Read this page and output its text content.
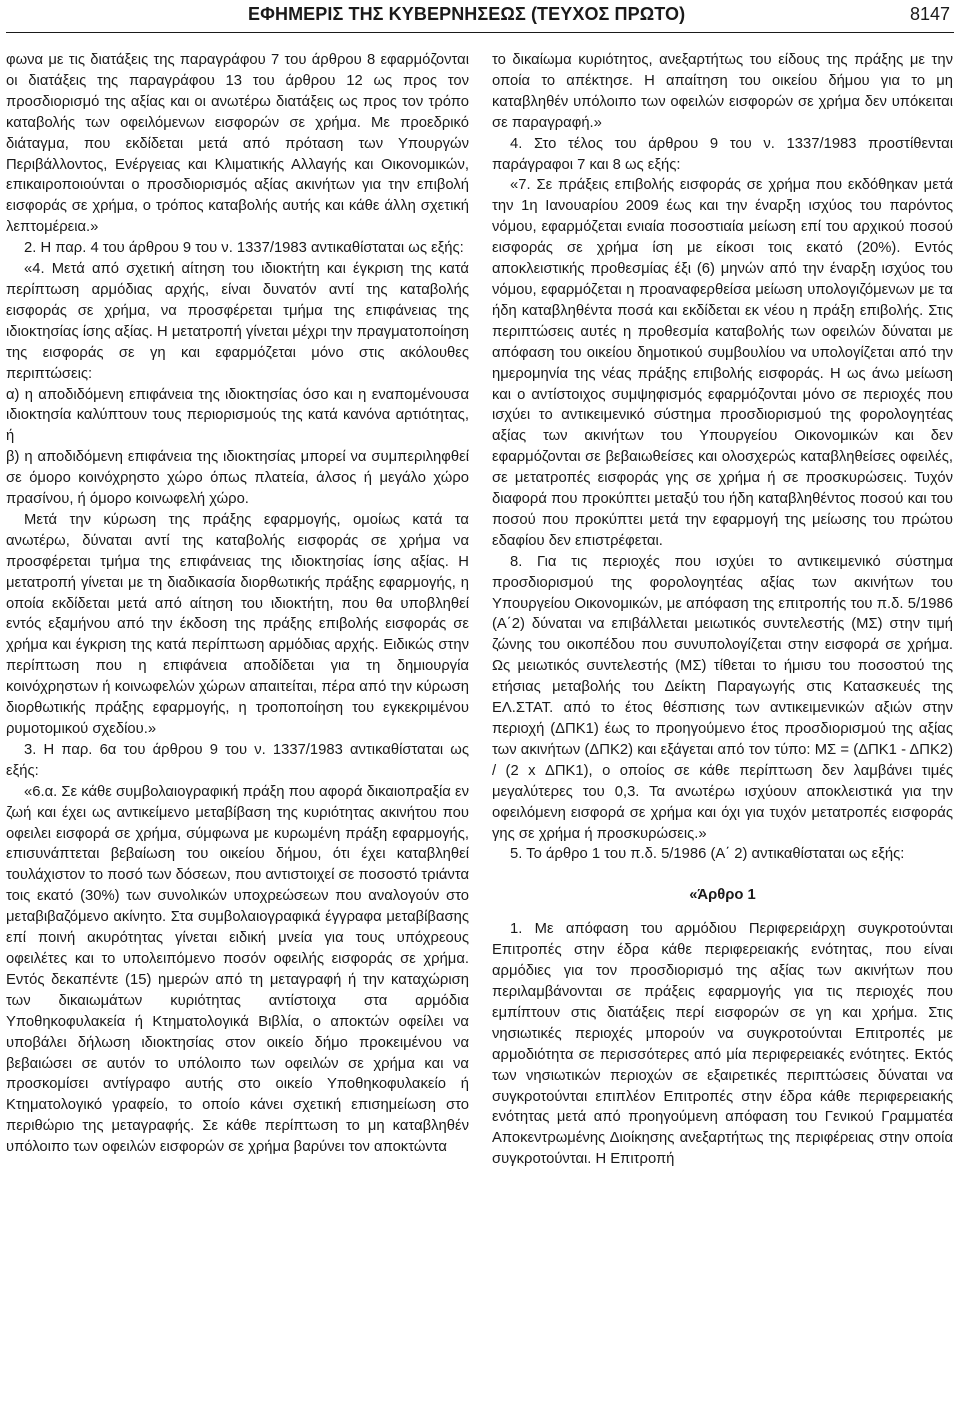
ΕΦΗΜΕΡΙΣ ΤΗΣ ΚΥΒΕΡΝΗΣΕΩΣ (ΤΕΥΧΟΣ ΠΡΩΤΟ)	8147

φωνα με τις διατάξεις της παραγράφου 7 του άρθρου 8 εφαρμόζονται οι διατάξεις της παραγράφου 13 του άρθρου 12 ως προς τον προσδιορισμό της αξίας και οι ανωτέρω διατάξεις ως προς τον τρόπο καταβολής των οφειλόμενων εισφορών σε χρήμα. Με προεδρικό διάταγμα, που εκδίδεται μετά από πρόταση των Υπουργών Περιβάλλοντος, Ενέργειας και Κλιματικής Αλλαγής και Οικονομικών, επικαιροποιούνται ο προσδιορισμός αξίας ακινήτων για την επιβολή εισφοράς σε χρήμα, ο τρόπος καταβολής αυτής και κάθε άλλη σχετική λεπτομέρεια.»

2. Η παρ. 4 του άρθρου 9 του ν. 1337/1983 αντικαθίσταται ως εξής:

«4. Μετά από σχετική αίτηση του ιδιοκτήτη και έγκριση της κατά περίπτωση αρμόδιας αρχής, είναι δυνατόν αντί της καταβολής εισφοράς σε χρήμα, να προσφέρεται τμήμα της επιφάνειας της ιδιοκτησίας ίσης αξίας. Η μετατροπή γίνεται μέχρι την πραγματοποίηση της εισφοράς σε γη και εφαρμόζεται μόνο στις ακόλουθες περιπτώσεις:

α) η αποδιδόμενη επιφάνεια της ιδιοκτησίας όσο και η εναπομένουσα ιδιοκτησία καλύπτουν τους περιορισμούς της κατά κανόνα αρτιότητας, ή

β) η αποδιδόμενη επιφάνεια της ιδιοκτησίας μπορεί να συμπεριληφθεί σε όμορο κοινόχρηστο χώρο όπως πλατεία, άλσος ή μεγάλο χώρο πρασίνου, ή όμορο κοινωφελή χώρο.

Μετά την κύρωση της πράξης εφαρμογής, ομοίως κατά τα ανωτέρω, δύναται αντί της καταβολής εισφοράς σε χρήμα να προσφέρεται τμήμα της επιφάνειας της ιδιοκτησίας ίσης αξίας. Η μετατροπή γίνεται με τη διαδικασία διορθωτικής πράξης εφαρμογής, η οποία εκδίδεται μετά από αίτηση του ιδιοκτήτη, που θα υποβληθεί εντός εξαμήνου από την έκδοση της πράξης επιβολής εισφοράς σε χρήμα και έγκριση της κατά περίπτωση αρμόδιας αρχής. Ειδικώς στην περίπτωση που η επιφάνεια αποδίδεται για τη δημιουργία κοινόχρηστων ή κοινωφελών χώρων απαιτείται, πέρα από την κύρωση διορθωτικής πράξης εφαρμογής, η τροποποίηση του εγκεκριμένου ρυμοτομικού σχεδίου.»

3. Η παρ. 6α του άρθρου 9 του ν. 1337/1983 αντικαθίσταται ως εξής:

«6.α. Σε κάθε συμβολαιογραφική πράξη που αφορά δικαιοπραξία εν ζωή και έχει ως αντικείμενο μεταβίβαση της κυριότητας ακινήτου που οφειλει εισφορά σε χρήμα, σύμφωνα με κυρωμένη πράξη εφαρμογής, επισυνάπτεται βεβαίωση του οικείου δήμου, ότι έχει καταβληθεί τουλάχιστον το ποσό των δόσεων, που αντιστοιχεί σε ποσοστό τριάντα τοις εκατό (30%) των συνολικών υποχρεώσεων που αναλογούν στο μεταβιβαζόμενο ακίνητο. Στα συμβολαιογραφικά έγγραφα μεταβίβασης επί ποινή ακυρότητας γίνεται ειδική μνεία για τους υπόχρεους οφειλέτες και το υπολειπόμενο ποσόν οφειλής εισφοράς σε χρήμα. Εντός δεκαπέντε (15) ημερών από τη μεταγραφή ή την καταχώριση των δικαιωμάτων κυριότητας αντίστοιχα στα αρμόδια Υποθηκοφυλακεία ή Κτηματολογικά Βιβλία, ο αποκτών οφείλει να υποβάλει δήλωση ιδιοκτησίας στον οικείο δήμο προκειμένου να βεβαιώσει σε αυτόν το υπόλοιπο των οφειλών σε χρήμα και να προσκομίσει αντίγραφο αυτής στο οικείο Υποθηκοφυλακείο ή Κτηματολογικό γραφείο, το οποίο κάνει σχετική επισημείωση στο περιθώριο της μεταγραφής. Σε κάθε περίπτωση το μη καταβληθέν υπόλοιπο των οφειλών εισφορών σε χρήμα βαρύνει τον αποκτώντα

το δικαίωμα κυριότητος, ανεξαρτήτως του είδους της πράξης με την οποία το απέκτησε. Η απαίτηση του οικείου δήμου για το μη καταβληθέν υπόλοιπο των οφειλών εισφορών σε χρήμα δεν υπόκειται σε παραγραφή.»

4. Στο τέλος του άρθρου 9 του ν. 1337/1983 προστίθενται παράγραφοι 7 και 8 ως εξής:

«7. Σε πράξεις επιβολής εισφοράς σε χρήμα που εκδόθηκαν μετά την 1η Ιανουαρίου 2009 έως και την έναρξη ισχύος του παρόντος νόμου, εφαρμόζεται ενιαία ποσοστιαία μείωση επί του αρχικού ποσού εισφοράς σε χρήμα ίση με είκοσι τοις εκατό (20%). Εντός αποκλειστικής προθεσμίας έξι (6) μηνών από την έναρξη ισχύος του νόμου, εφαρμόζεται η προαναφερθείσα μείωση υπολογιζόμενων με τα ήδη καταβληθέντα ποσά και εκδίδεται εκ νέου η πράξη επιβολής. Στις περιπτώσεις αυτές η προθεσμία καταβολής των οφειλών δύναται με απόφαση του οικείου δημοτικού συμβουλίου να υπολογίζεται από την ημερομηνία της νέας πράξης επιβολής εισφοράς. Η ως άνω μείωση και ο αντίστοιχος συμψηφισμός εφαρμόζονται μόνο σε περιοχές που ισχύει το αντικειμενικό σύστημα προσδιορισμού της φορολογητέας αξίας των ακινήτων του Υπουργείου Οικονομικών και δεν εφαρμόζονται σε βεβαιωθείσες και ολοσχερώς καταβληθείσες οφειλές, σε μετατροπές εισφοράς γης σε χρήμα ή σε προσκυρώσεις. Τυχόν διαφορά που προκύπτει μεταξύ του ήδη καταβληθέντος ποσού και του ποσού που προκύπτει μετά την εφαρμογή της μείωσης του πρώτου εδαφίου δεν επιστρέφεται.

8. Για τις περιοχές που ισχύει το αντικειμενικό σύστημα προσδιορισμού της φορολογητέας αξίας των ακινήτων του Υπουργείου Οικονομικών, με απόφαση της επιτροπής του π.δ. 5/1986 (Α΄2) δύναται να επιβάλλεται μειωτικός συντελεστής (ΜΣ) στην τιμή ζώνης του οικοπέδου που συνυπολογίζεται στην εισφορά σε χρήμα. Ως μειωτικός συντελεστής (ΜΣ) τίθεται το ήμισυ του ποσοστού της ετήσιας μεταβολής του Δείκτη Παραγωγής στις Κατασκευές της ΕΛ.ΣΤΑΤ. από το έτος θέσπισης των αντικειμενικών αξιών στην περιοχή (ΔΠΚ1) έως το προηγούμενο έτος προσδιορισμού της αξίας των ακινήτων (ΔΠΚ2) και εξάγεται από τον τύπο: ΜΣ = (ΔΠΚ1 - ΔΠΚ2) / (2 x ΔΠΚ1), ο οποίος σε κάθε περίπτωση δεν λαμβάνει τιμές μεγαλύτερες του 0,3. Τα ανωτέρω ισχύουν αποκλειστικά για την οφειλόμενη εισφορά σε χρήμα και όχι για τυχόν μετατροπές εισφοράς γης σε χρήμα ή προσκυρώσεις.»

5. Το άρθρο 1 του π.δ. 5/1986 (Α΄ 2) αντικαθίσταται ως εξής:

«Άρθρο 1

1. Με απόφαση του αρμόδιου Περιφερειάρχη συγκροτούνται Επιτροπές στην έδρα κάθε περιφερειακής ενότητας, που είναι αρμόδιες για τον προσδιορισμό της αξίας των ακινήτων που περιλαμβάνονται σε πράξεις εφαρμογής για τις περιοχές που εμπίπτουν στις διατάξεις περί εισφορών σε γη και χρήμα. Στις νησιωτικές περιοχές μπορούν να συγκροτούνται Επιτροπές με αρμοδιότητα σε περισσότερες από μία περιφερειακές ενότητες. Εκτός των νησιωτικών περιοχών σε εξαιρετικές περιπτώσεις δύναται να συγκροτούνται επιπλέον Επιτροπές στην έδρα κάθε περιφερειακής ενότητας μετά από προηγούμενη απόφαση του Γενικού Γραμματέα Αποκεντρωμένης Διοίκησης ανεξαρτήτως της περιφέρειας στην οποία συγκροτούνται. Η Επιτροπή
